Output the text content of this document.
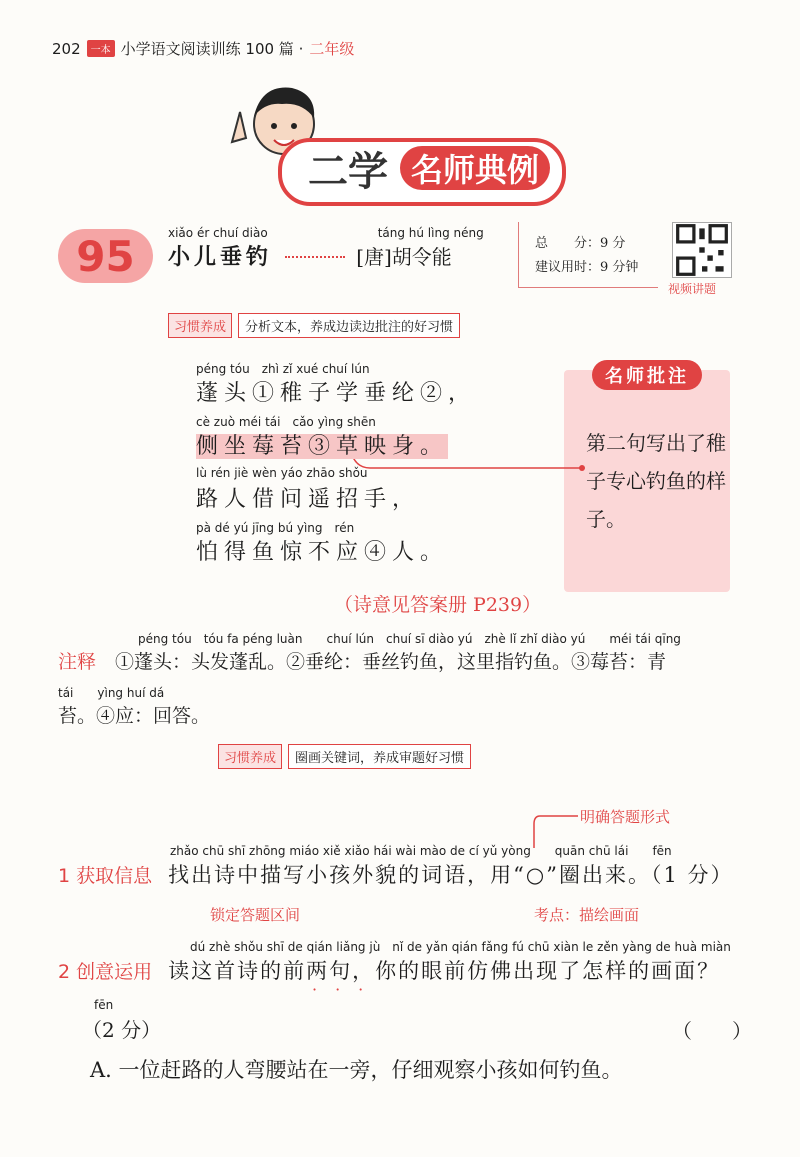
202	一本 小学语文阅读训练 100 篇 · 二年级
二学 名师典例
95	xiǎo ér chuí diào	táng hú lìng néng
小儿垂钓	[唐]胡令能
总　　分：9 分
建议用时：9 分钟
视频讲题
习惯养成	分析文本，养成边读边批注的好习惯
名师批注
第二句写出了稚子专心钓鱼的样子。
péng tóu　zhì zǐ xué chuí lún
蓬头①稚子学垂纶②，
cè zuò méi tái　cǎo yìng shēn
侧坐莓苔③草映身。
lù rén jiè wèn yáo zhāo shǒu
路人借问遥招手，
pà dé yú jīng bú yìng　rén
怕得鱼惊不应④人。
（诗意见答案册 P239）
péng tóu　tóu fa péng luàn　　chuí lún　chuí sī diào yú　zhè lǐ zhǐ diào yú　　méi tái qīng
注释　 ①蓬头：头发蓬乱。②垂纶：垂丝钓鱼，这里指钓鱼。③莓苔：青
tái　　yìng huí dá
苔。④应：回答。
习惯养成	圈画关键词，养成审题好习惯
明确答题形式
zhǎo chū shī zhōng miáo xiě xiǎo hái wài mào de cí yǔ yòng　　quān chū lái　　fēn
1 获取信息　 找出诗中描写小孩外貌的词语，用“○”圈出来。（1 分）
锁定答题区间	考点：描绘画面
dú zhè shǒu shī de qián liǎng jù　nǐ de yǎn qián fǎng fú chū xiàn le zěn yàng de huà miàn
2 创意运用　 读这首诗的前两句，你的眼前仿佛出现了怎样的画面？
···
fēn
（2 分）	（　　）
A. 一位赶路的人弯腰站在一旁，仔细观察小孩如何钓鱼。
